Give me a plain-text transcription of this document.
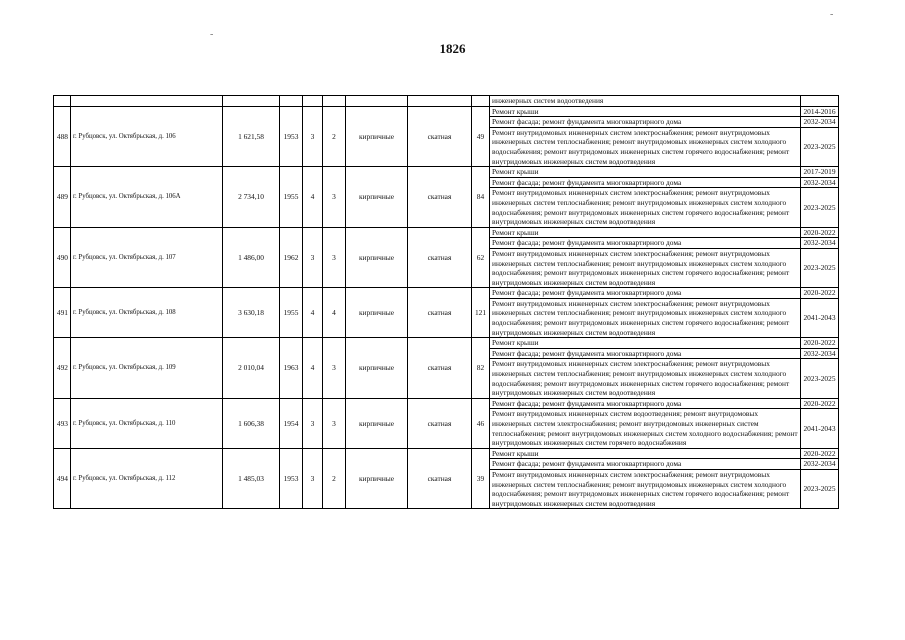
-
-
1826
									инженерных систем водоотведения	
488	г. Рубцовск, ул. Октябрьская, д. 106	1 621,58	1953	3	2	кирпичные	скатная	49	Ремонт крыши	2014-2016
									Ремонт фасада; ремонт фундамента многоквартирного дома	2032-2034
									Ремонт внутридомовых инженерных систем электроснабжения; ремонт внутридомовых инженерных систем теплоснабжения; ремонт внутридомовых инженерных систем холодного водоснабжения; ремонт внутридомовых инженерных систем горячего водоснабжения; ремонт внутридомовых инженерных систем водоотведения	2023-2025
489	г. Рубцовск, ул. Октябрьская, д. 106А	2 734,10	1955	4	3	кирпичные	скатная	84	Ремонт крыши	2017-2019
									Ремонт фасада; ремонт фундамента многоквартирного дома	2032-2034
									Ремонт внутридомовых инженерных систем электроснабжения; ремонт внутридомовых инженерных систем теплоснабжения; ремонт внутридомовых инженерных систем холодного водоснабжения; ремонт внутридомовых инженерных систем горячего водоснабжения; ремонт внутридомовых инженерных систем водоотведения	2023-2025
490	г. Рубцовск, ул. Октябрьская, д. 107	1 486,00	1962	3	3	кирпичные	скатная	62	Ремонт крыши	2020-2022
									Ремонт фасада; ремонт фундамента многоквартирного дома	2032-2034
									Ремонт внутридомовых инженерных систем электроснабжения; ремонт внутридомовых инженерных систем теплоснабжения; ремонт внутридомовых инженерных систем холодного водоснабжения; ремонт внутридомовых инженерных систем горячего водоснабжения; ремонт внутридомовых инженерных систем водоотведения	2023-2025
491	г. Рубцовск, ул. Октябрьская, д. 108	3 630,18	1955	4	4	кирпичные	скатная	121	Ремонт фасада; ремонт фундамента многоквартирного дома	2020-2022
									Ремонт внутридомовых инженерных систем электроснабжения; ремонт внутридомовых инженерных систем теплоснабжения; ремонт внутридомовых инженерных систем холодного водоснабжения; ремонт внутридомовых инженерных систем горячего водоснабжения; ремонт внутридомовых инженерных систем водоотведения	2041-2043
492	г. Рубцовск, ул. Октябрьская, д. 109	2 010,04	1963	4	3	кирпичные	скатная	82	Ремонт крыши	2020-2022
									Ремонт фасада; ремонт фундамента многоквартирного дома	2032-2034
									Ремонт внутридомовых инженерных систем электроснабжения; ремонт внутридомовых инженерных систем теплоснабжения; ремонт внутридомовых инженерных систем холодного водоснабжения; ремонт внутридомовых инженерных систем горячего водоснабжения; ремонт внутридомовых инженерных систем водоотведения	2023-2025
493	г. Рубцовск, ул. Октябрьская, д. 110	1 606,38	1954	3	3	кирпичные	скатная	46	Ремонт фасада; ремонт фундамента многоквартирного дома	2020-2022
									Ремонт внутридомовых инженерных систем водоотведения; ремонт внутридомовых инженерных систем электроснабжения; ремонт внутридомовых инженерных систем теплоснабжения; ремонт внутридомовых инженерных систем холодного водоснабжения; ремонт внутридомовых инженерных систем горячего водоснабжения	2041-2043
494	г. Рубцовск, ул. Октябрьская, д. 112	1 485,03	1953	3	2	кирпичные	скатная	39	Ремонт крыши	2020-2022
									Ремонт фасада; ремонт фундамента многоквартирного дома	2032-2034
									Ремонт внутридомовых инженерных систем электроснабжения; ремонт внутридомовых инженерных систем теплоснабжения; ремонт внутридомовых инженерных систем холодного водоснабжения; ремонт внутридомовых инженерных систем горячего водоснабжения; ремонт внутридомовых инженерных систем водоотведения	2023-2025
